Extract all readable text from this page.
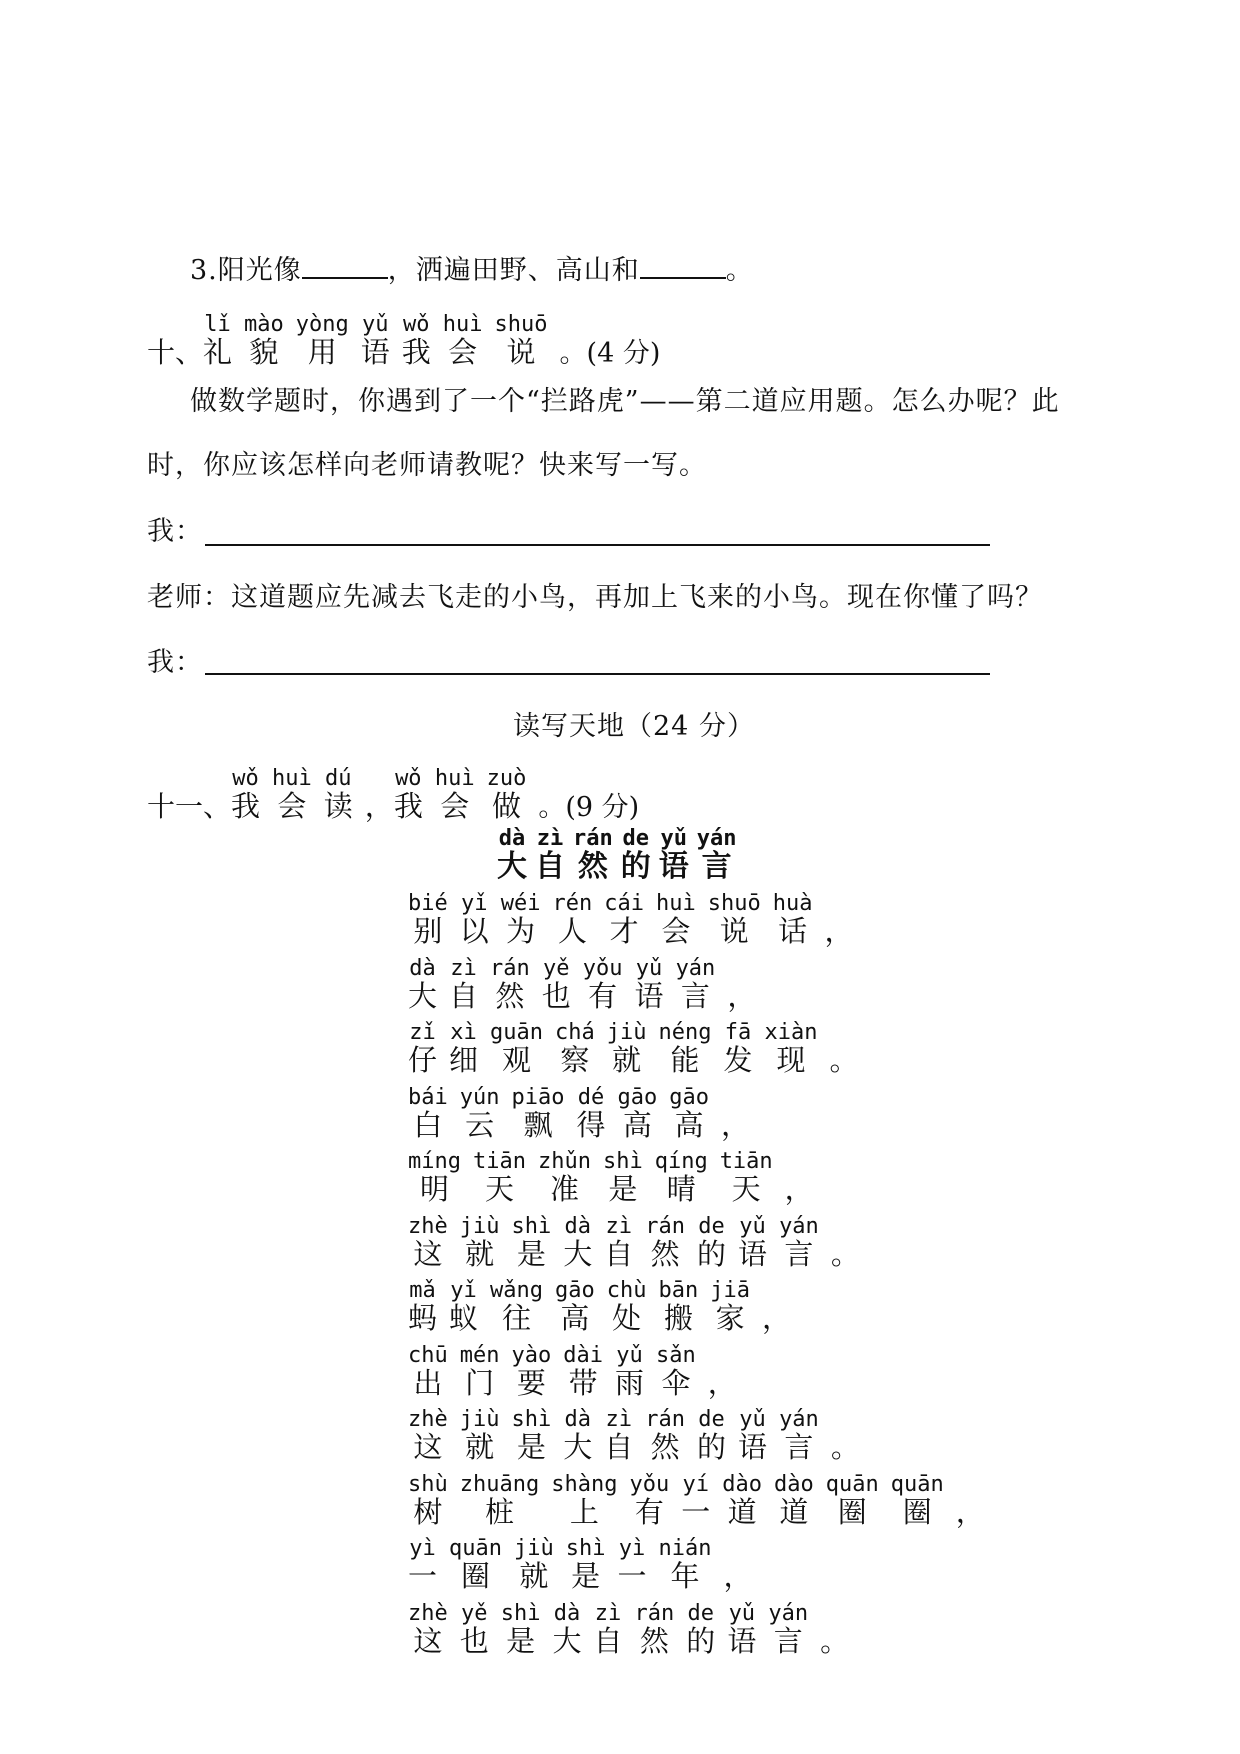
3.阳光像	，洒遍田野、高山和	。
十、
lǐ
礼
mào
貌
yòng
用
yǔ
语
wǒ
我
huì
会
shuō
说 。(4 分)
做数学题时，你遇到了一个“拦路虎”——第二道应用题。怎么办呢？此
时，你应该怎样向老师请教呢？快来写一写。
我：
老师：这道题应先减去飞走的小鸟，再加上飞来的小鸟。现在你懂了吗？
我：
读写天地（24 分）
十一、
wǒ
我
huì
会
dú
读 ，
wǒ
我
huì
会
zuò
做 。(9 分)
dà
大
zì
自
rán
然
de
的
yǔ
语
yán
言
bié
别
yǐ
以
wéi
为
rén
人
cái
才
huì
会
shuō
说
huà
话 ，
dà
大
zì
自
rán
然
yě
也
yǒu
有
yǔ
语
yán
言 ，
zǐ
仔
xì
细
guān
观
chá
察
jiù
就
néng
能
fā
发
xiàn
现 。
bái
白
yún
云
piāo
飘
dé
得
gāo
高
gāo
高 ，
míng
明
tiān
天
zhǔn
准
shì
是
qíng
晴
tiān
天 ，
zhè
这
jiù
就
shì
是
dà
大
zì
自
rán
然
de
的
yǔ
语
yán
言 。
mǎ
蚂
yǐ
蚁
wǎng
往
gāo
高
chù
处
bān
搬
jiā
家 ，
chū
出
mén
门
yào
要
dài
带
yǔ
雨
sǎn
伞 ，
zhè
这
jiù
就
shì
是
dà
大
zì
自
rán
然
de
的
yǔ
语
yán
言 。
shù
树
zhuāng
桩
shàng
上
yǒu
有
yí
一
dào
道
dào
道
quān
圈
quān
圈 ，
yì
一
quān
圈
jiù
就
shì
是
yì
一
nián
年 ，
zhè
这
yě
也
shì
是
dà
大
zì
自
rán
然
de
的
yǔ
语
yán
言 。
